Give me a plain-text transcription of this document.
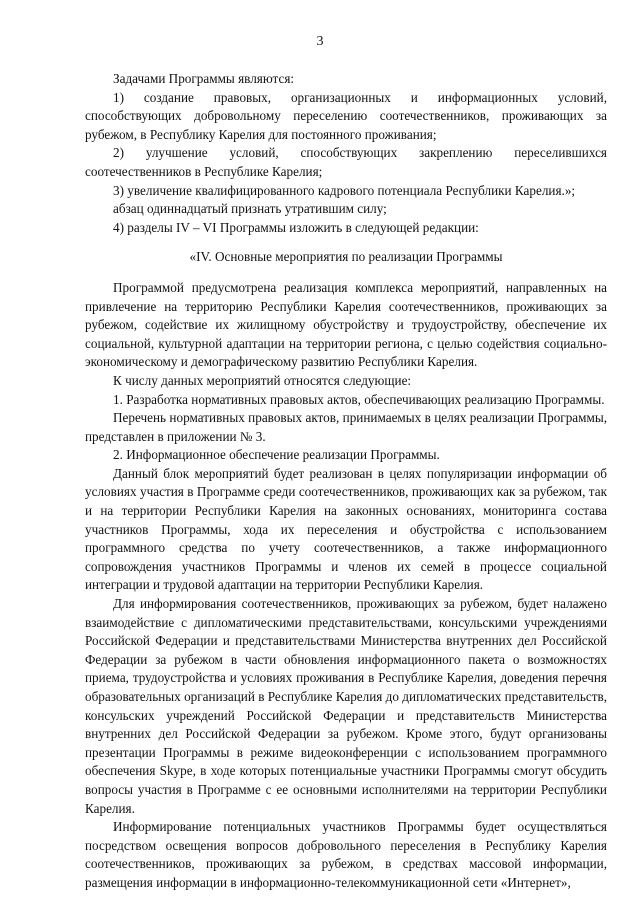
3

Задачами Программы являются:

1) создание правовых, организационных и информационных условий, способствующих добровольному переселению соотечественников, проживающих за рубежом, в Республику Карелия для постоянного проживания;

2) улучшение условий, способствующих закреплению переселившихся соотечественников в Республике Карелия;

3) увеличение квалифицированного кадрового потенциала Республики Карелия.»;

абзац одиннадцатый признать утратившим силу;

4) разделы IV – VI Программы изложить в следующей редакции:

«IV. Основные мероприятия по реализации Программы

Программой предусмотрена реализация комплекса мероприятий, направленных на привлечение на территорию Республики Карелия соотечественников, проживающих за рубежом, содействие их жилищному обустройству и трудоустройству, обеспечение их социальной, культурной адаптации на территории региона, с целью содействия социально-экономическому и демографическому развитию Республики Карелия.

К числу данных мероприятий относятся следующие:

1. Разработка нормативных правовых актов, обеспечивающих реализацию Программы.

Перечень нормативных правовых актов, принимаемых в целях реализации Программы, представлен в приложении № 3.

2. Информационное обеспечение реализации Программы.

Данный блок мероприятий будет реализован в целях популяризации информации об условиях участия в Программе среди соотечественников, проживающих как за рубежом, так и на территории Республики Карелия на законных основаниях, мониторинга состава участников Программы, хода их переселения и обустройства с использованием программного средства по учету соотечественников, а также информационного сопровождения участников Программы и членов их семей в процессе социальной интеграции и трудовой адаптации на территории Республики Карелия.

Для информирования соотечественников, проживающих за рубежом, будет налажено взаимодействие с дипломатическими представительствами, консульскими учреждениями Российской Федерации и представительствами Министерства внутренних дел Российской Федерации за рубежом в части обновления информационного пакета о возможностях приема, трудоустройства и условиях проживания в Республике Карелия, доведения перечня образовательных организаций в Республике Карелия до дипломатических представительств, консульских учреждений Российской Федерации и представительств Министерства внутренних дел Российской Федерации за рубежом. Кроме этого, будут организованы презентации Программы в режиме видеоконференции с использованием программного обеспечения Skype, в ходе которых потенциальные участники Программы смогут обсудить вопросы участия в Программе с ее основными исполнителями на территории Республики Карелия.

Информирование потенциальных участников Программы будет осуществляться посредством освещения вопросов добровольного переселения в Республику Карелия соотечественников, проживающих за рубежом, в средствах массовой информации, размещения информации в информационно-телекоммуникационной сети «Интернет»,
